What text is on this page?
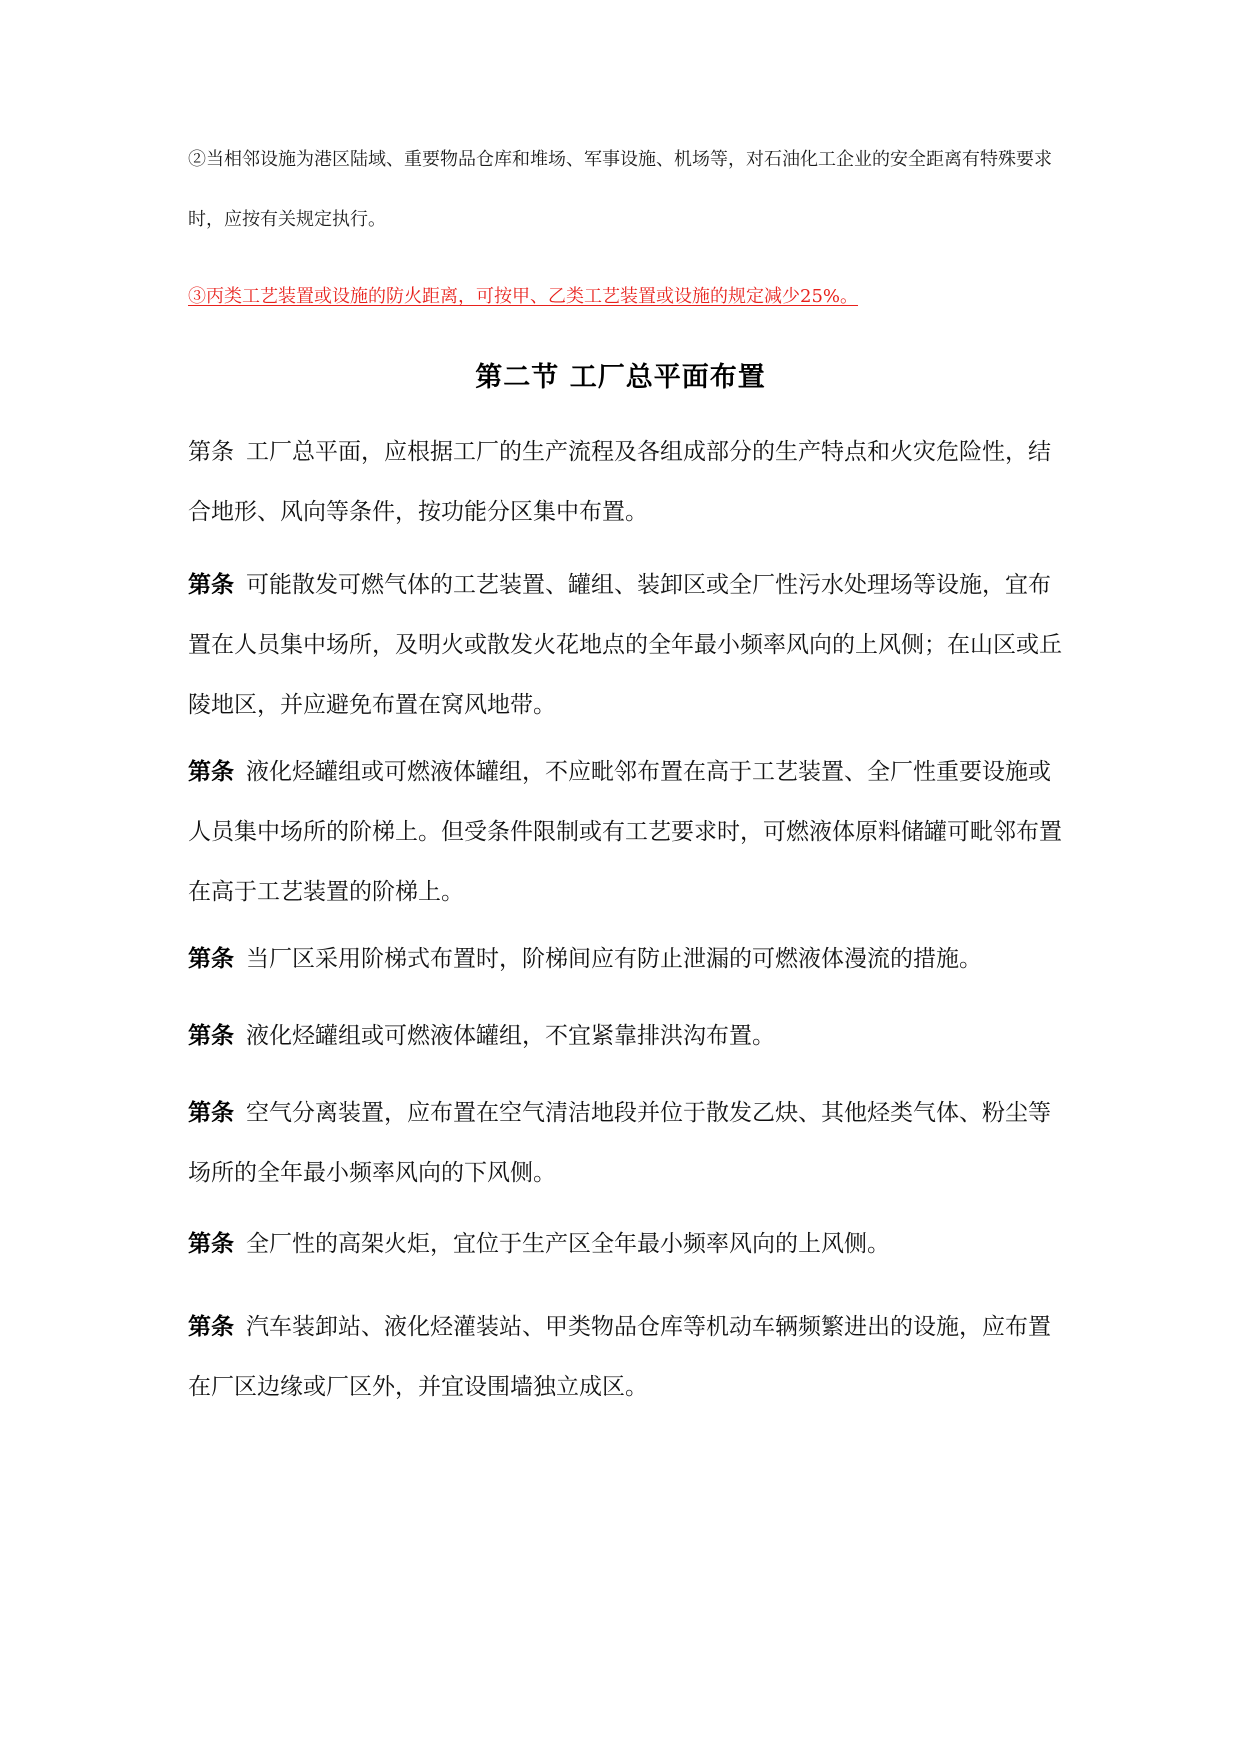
②当相邻设施为港区陆域、重要物品仓库和堆场、军事设施、机场等，对石油化工企业的安全距离有特殊要求时，应按有关规定执行。

③丙类工艺装置或设施的防火距离，可按甲、乙类工艺装置或设施的规定减少25%。

第二节 工厂总平面布置

第条 工厂总平面，应根据工厂的生产流程及各组成部分的生产特点和火灾危险性，结合地形、风向等条件，按功能分区集中布置。

第条 可能散发可燃气体的工艺装置、罐组、装卸区或全厂性污水处理场等设施，宜布置在人员集中场所，及明火或散发火花地点的全年最小频率风向的上风侧；在山区或丘陵地区，并应避免布置在窝风地带。

第条 液化烃罐组或可燃液体罐组，不应毗邻布置在高于工艺装置、全厂性重要设施或人员集中场所的阶梯上。但受条件限制或有工艺要求时，可燃液体原料储罐可毗邻布置在高于工艺装置的阶梯上。

第条 当厂区采用阶梯式布置时，阶梯间应有防止泄漏的可燃液体漫流的措施。

第条 液化烃罐组或可燃液体罐组，不宜紧靠排洪沟布置。

第条 空气分离装置，应布置在空气清洁地段并位于散发乙炔、其他烃类气体、粉尘等场所的全年最小频率风向的下风侧。

第条 全厂性的高架火炬，宜位于生产区全年最小频率风向的上风侧。

第条 汽车装卸站、液化烃灌装站、甲类物品仓库等机动车辆频繁进出的设施，应布置在厂区边缘或厂区外，并宜设围墙独立成区。
